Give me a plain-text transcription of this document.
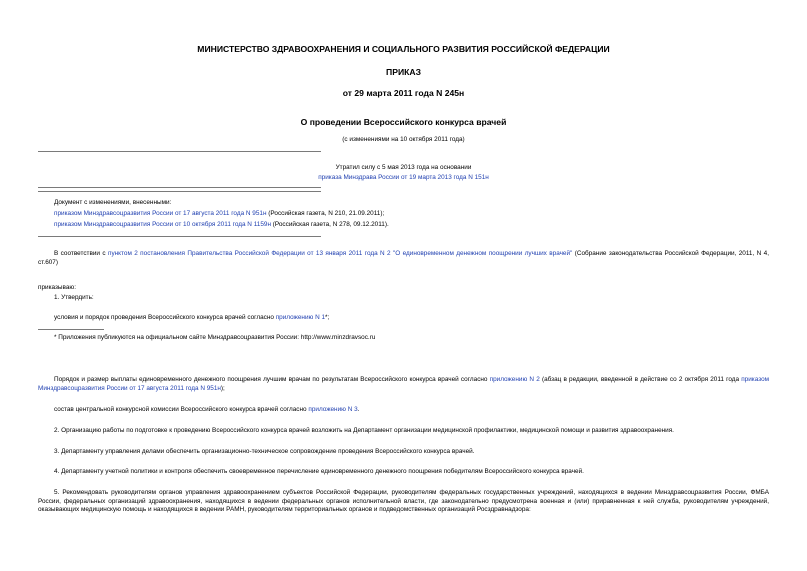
МИНИСТЕРСТВО ЗДРАВООХРАНЕНИЯ И СОЦИАЛЬНОГО РАЗВИТИЯ РОССИЙСКОЙ ФЕДЕРАЦИИ
ПРИКАЗ
от 29 марта 2011 года N 245н
О проведении Всероссийского конкурса врачей
(с изменениями на 10 октября 2011 года)
Утратил силу с 5 мая 2013 года на основании
приказа Минздрава России от 19 марта 2013 года N 151н
Документ с изменениями, внесенными:
приказом Минздравсоцразвития России от 17 августа 2011 года N 951н (Российская газета, N 210, 21.09.2011);
приказом Минздравсоцразвития России от 10 октября 2011 года N 1159н (Российская газета, N 278, 09.12.2011).
В соответствии с пунктом 2 постановления Правительства Российской Федерации от 13 января 2011 года N 2 "О единовременном денежном поощрении лучших врачей" (Собрание законодательства Российской Федерации, 2011, N 4, ст.607)
приказываю:
1. Утвердить:
условия и порядок проведения Всероссийского конкурса врачей согласно приложению N 1*;
* Приложения публикуются на официальном сайте Минздравсоцразвития России: http://www.minzdravsoc.ru
Порядок и размер выплаты единовременного денежного поощрения лучшим врачам по результатам Всероссийского конкурса врачей согласно приложению N 2 (абзац в редакции, введенной в действие со 2 октября 2011 года приказом Минздравсоцразвития России от 17 августа 2011 года N 951н);
состав центральной конкурсной комиссии Всероссийского конкурса врачей согласно приложению N 3.
2. Организацию работы по подготовке к проведению Всероссийского конкурса врачей возложить на Департамент организации медицинской профилактики, медицинской помощи и развития здравоохранения.
3. Департаменту управления делами обеспечить организационно-техническое сопровождение проведения Всероссийского конкурса врачей.
4. Департаменту учетной политики и контроля обеспечить своевременное перечисление единовременного денежного поощрения победителям Всероссийского конкурса врачей.
5. Рекомендовать руководителям органов управления здравоохранением субъектов Российской Федерации, руководителям федеральных государственных учреждений, находящихся в ведении Минздравсоцразвития России, ФМБА России, федеральных организаций здравоохранения, находящихся в ведении федеральных органов исполнительной власти, где законодательно предусмотрена военная и (или) приравненная к ней служба, руководителям учреждений, оказывающих медицинскую помощь и находящихся в ведении РАМН, руководителям территориальных органов и подведомственных организаций Росздравнадзора:
